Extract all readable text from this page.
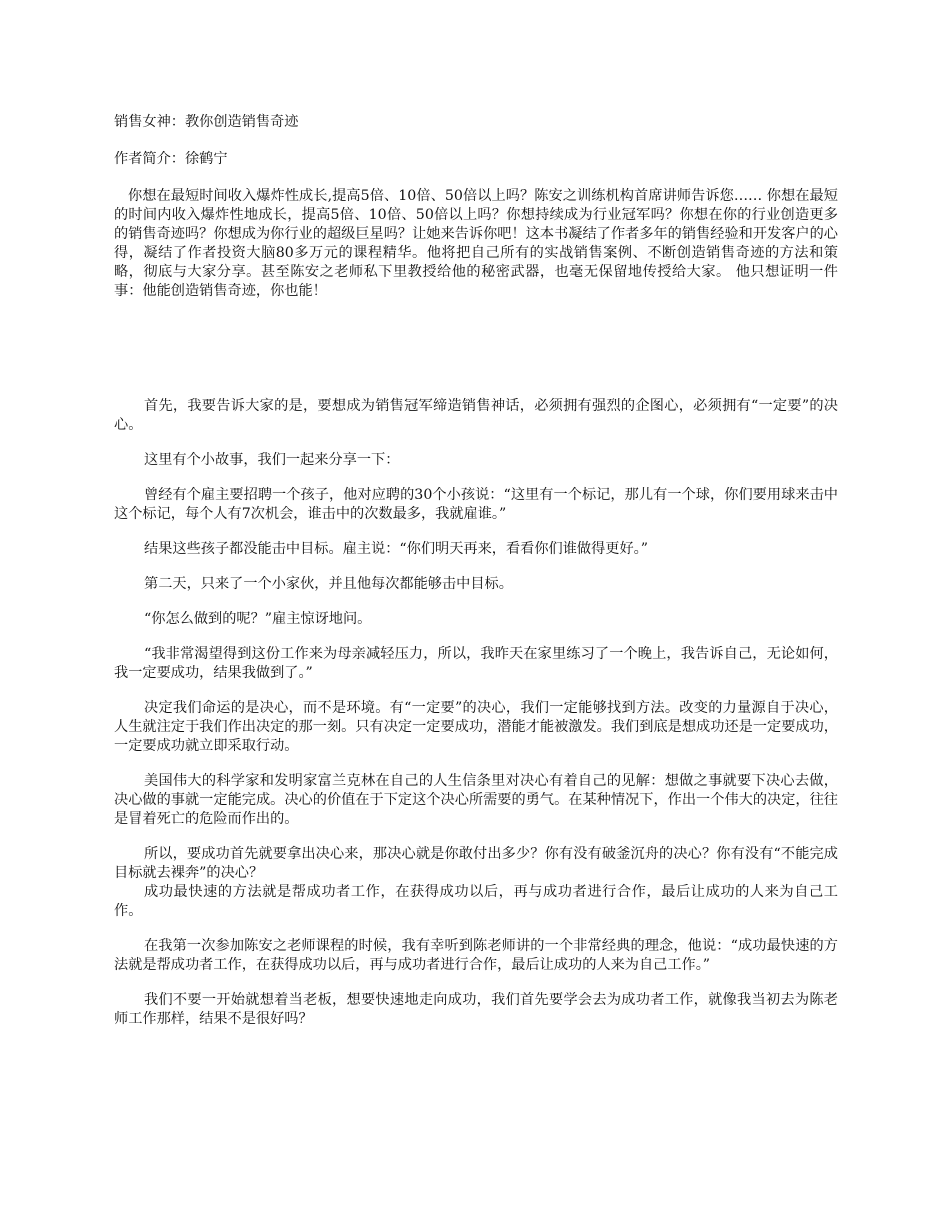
销售女神：教你创造销售奇迹

作者简介：徐鹤宁

你想在最短时间收入爆炸性成长,提高5倍、10倍、50倍以上吗？陈安之训练机构首席讲师告诉您…… 你想在最短的时间内收入爆炸性地成长，提高5倍、10倍、50倍以上吗？你想持续成为行业冠军吗？你想在你的行业创造更多的销售奇迹吗？你想成为你行业的超级巨星吗？让她来告诉你吧！这本书凝结了作者多年的销售经验和开发客户的心得，凝结了作者投资大脑80多万元的课程精华。他将把自己所有的实战销售案例、不断创造销售奇迹的方法和策略，彻底与大家分享。甚至陈安之老师私下里教授给他的秘密武器，也毫无保留地传授给大家。 他只想证明一件事：他能创造销售奇迹，你也能！

首先，我要告诉大家的是，要想成为销售冠军缔造销售神话，必须拥有强烈的企图心，必须拥有“一定要”的决心。

这里有个小故事，我们一起来分享一下：

曾经有个雇主要招聘一个孩子，他对应聘的30个小孩说：“这里有一个标记，那儿有一个球，你们要用球来击中这个标记，每个人有7次机会，谁击中的次数最多，我就雇谁。”

结果这些孩子都没能击中目标。雇主说：“你们明天再来，看看你们谁做得更好。”

第二天，只来了一个小家伙，并且他每次都能够击中目标。

“你怎么做到的呢？”雇主惊讶地问。

“我非常渴望得到这份工作来为母亲减轻压力，所以，我昨天在家里练习了一个晚上，我告诉自己，无论如何，我一定要成功，结果我做到了。”

决定我们命运的是决心，而不是环境。有“一定要”的决心，我们一定能够找到方法。改变的力量源自于决心，人生就注定于我们作出决定的那一刻。只有决定一定要成功，潜能才能被激发。我们到底是想成功还是一定要成功，一定要成功就立即采取行动。

美国伟大的科学家和发明家富兰克林在自己的人生信条里对决心有着自己的见解：想做之事就要下决心去做，决心做的事就一定能完成。决心的价值在于下定这个决心所需要的勇气。在某种情况下，作出一个伟大的决定，往往是冒着死亡的危险而作出的。

所以，要成功首先就要拿出决心来，那决心就是你敢付出多少？你有没有破釜沉舟的决心？你有没有“不能完成目标就去裸奔”的决心？

成功最快速的方法就是帮成功者工作，在获得成功以后，再与成功者进行合作，最后让成功的人来为自己工作。

在我第一次参加陈安之老师课程的时候，我有幸听到陈老师讲的一个非常经典的理念，他说：“成功最快速的方法就是帮成功者工作，在获得成功以后，再与成功者进行合作，最后让成功的人来为自己工作。”

我们不要一开始就想着当老板，想要快速地走向成功，我们首先要学会去为成功者工作，就像我当初去为陈老师工作那样，结果不是很好吗？
